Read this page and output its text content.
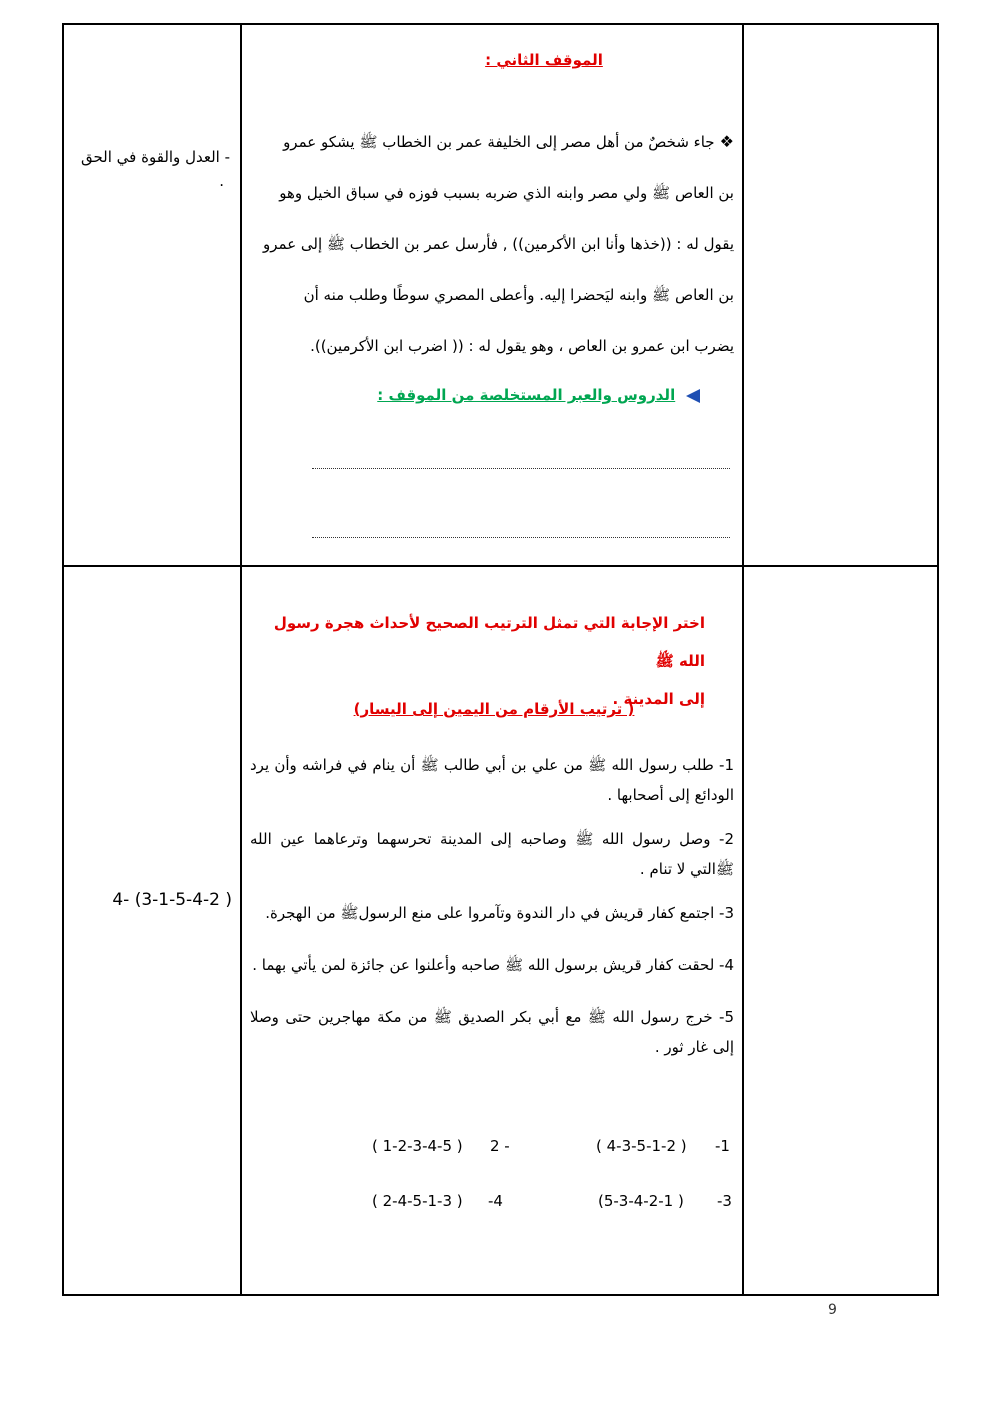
الموقف الثاني :
❖ جاء شخصٌ من أهل مصر إلى الخليفة عمر بن الخطاب ﷺ يشكو عمرو
بن العاص ﷺ ولي مصر وابنه الذي ضربه بسبب فوزه في سباق الخيل وهو
يقول له : ((خذها وأنا ابن الأكرمين)) , فأرسل عمر بن الخطاب ﷺ إلى عمرو
بن العاص ﷺ وابنه ليَحضرا إليه. وأعطى المصري سوطًا وطلب منه أن
يضرب ابن عمرو بن العاص ، وهو يقول له : (( اضرب ابن الأكرمين)).
الدروس والعبر المستخلصة من الموقف :
- العدل والقوة في الحق
.
اختر الإجابة التي تمثل الترتيب الصحيح لأحداث هجرة رسول الله ﷺ
إلى المدينة .
( ترتيب الأرقام من اليمين إلى اليسار)
1- طلب رسول الله ﷺ من علي بن أبي طالب ﷺ أن ينام في فراشه وأن يرد
الودائع إلى أصحابها .
2- وصل رسول الله ﷺ وصاحبه إلى المدينة تحرسهما وترعاهما عين الله
ﷺالتي لا تنام .
3- اجتمع كفار قريش في دار الندوة وتآمروا على منع الرسولﷺ من الهجرة.
4- لحقت كفار قريش برسول الله ﷺ صاحبه وأعلنوا عن جائزة لمن يأتي بهما .
5- خرج رسول الله ﷺ مع أبي بكر الصديق ﷺ من مكة مهاجرين حتى وصلا
إلى غار ثور .
-1
( 4-3-5-1-2 )
2 -
( 1-2-3-4-5 )
-3
(5-3-4-2-1 )
-4
( 2-4-5-1-3 )
4- (3-1-5-4-2 )
9
